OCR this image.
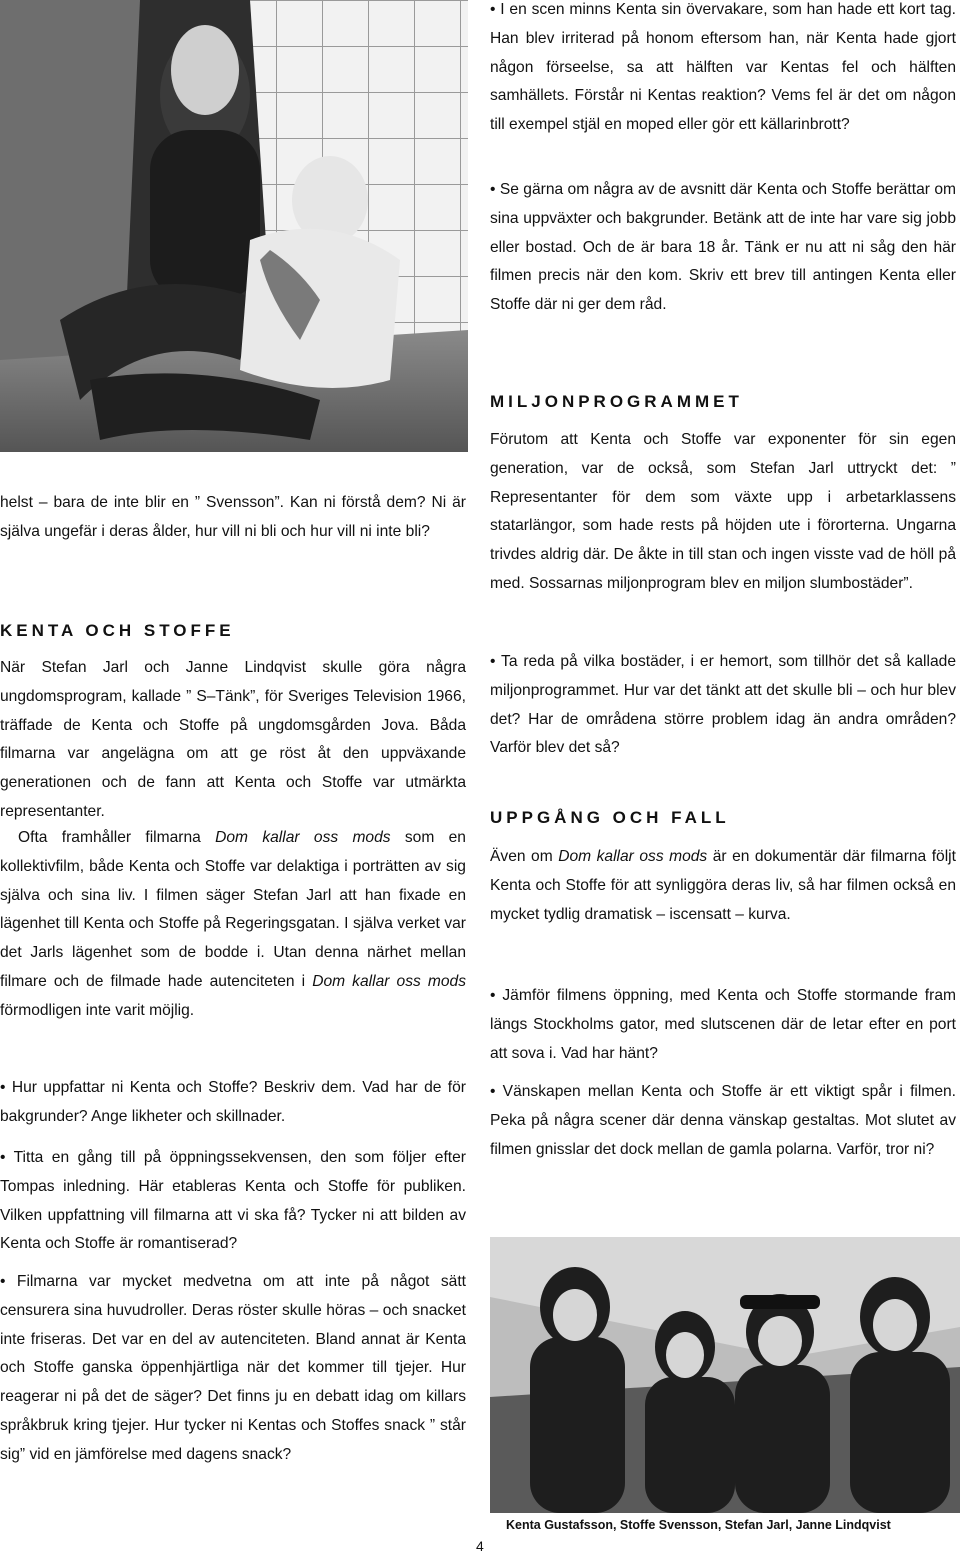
• I en scen minns Kenta sin övervakare, som han hade ett kort tag. Han blev irriterad på honom eftersom han, när Kenta hade gjort någon förseelse, sa att hälften var Kentas fel och hälften samhällets. Förstår ni Kentas reaktion? Vems fel är det om någon till exempel stjäl en moped eller gör ett källarinbrott?

• Se gärna om några av de avsnitt där Kenta och Stoffe berättar om sina uppväxter och bakgrunder. Betänk att de inte har vare sig jobb eller bostad. Och de är bara 18 år. Tänk er nu att ni såg den här filmen precis när den kom. Skriv ett brev till antingen Kenta eller Stoffe där ni ger dem råd.

MILJONPROGRAMMET

Förutom att Kenta och Stoffe var exponenter för sin egen generation, var de också, som Stefan Jarl uttryckt det: ” Representanter för dem som växte upp i arbetarklassens statarlängor, som hade rests på höjden ute i förorterna. Ungarna trivdes aldrig där. De åkte in till stan och ingen visste vad de höll på med. Sossarnas miljonprogram blev en miljon slumbostäder”.

• Ta reda på vilka bostäder, i er hemort, som tillhör det så kallade miljonprogrammet. Hur var det tänkt att det skulle bli – och hur blev det? Har de områdena större problem idag än andra områden? Varför blev det så?

UPPGÅNG OCH FALL

Även om Dom kallar oss mods är en dokumentär där filmarna följt Kenta och Stoffe för att synliggöra deras liv, så har filmen också en mycket tydlig dramatisk – iscensatt – kurva.

• Jämför filmens öppning, med Kenta och Stoffe stormande fram längs Stockholms gator, med slutscenen där de letar efter en port att sova i. Vad har hänt?

• Vänskapen mellan Kenta och Stoffe är ett viktigt spår i filmen. Peka på några scener där denna vänskap gestaltas. Mot slutet av filmen gnisslar det dock mellan de gamla polarna. Varför, tror ni?

Kenta Gustafsson, Stoffe Svensson, Stefan Jarl, Janne Lindqvist

helst – bara de inte blir en ” Svensson”. Kan ni förstå dem? Ni är själva ungefär i deras ålder, hur vill ni bli och hur vill ni inte bli?

KENTA OCH STOFFE

När Stefan Jarl och Janne Lindqvist skulle göra några ungdomsprogram, kallade ” S–Tänk”, för Sveriges Television 1966, träffade de Kenta och Stoffe på ungdomsgården Jova. Båda filmarna var angelägna om att ge röst åt den uppväxande generationen och de fann att Kenta och Stoffe var utmärkta representanter.

Ofta framhåller filmarna Dom kallar oss mods som en kollektivfilm, både Kenta och Stoffe var delaktiga i porträtten av sig själva och sina liv. I filmen säger Stefan Jarl att han fixade en lägenhet till Kenta och Stoffe på Regeringsgatan. I själva verket var det Jarls lägenhet som de bodde i. Utan denna närhet mellan filmare och de filmade hade autenciteten i Dom kallar oss mods förmodligen inte varit möjlig.

• Hur uppfattar ni Kenta och Stoffe? Beskriv dem. Vad har de för bakgrunder? Ange likheter och skillnader.

• Titta en gång till på öppningssekvensen, den som följer efter Tompas inledning. Här etableras Kenta och Stoffe för publiken. Vilken uppfattning vill filmarna att vi ska få? Tycker ni att bilden av Kenta och Stoffe är romantiserad?

• Filmarna var mycket medvetna om att inte på något sätt censurera sina huvudroller. Deras röster skulle höras – och snacket inte friseras. Det var en del av autenciteten. Bland annat är Kenta och Stoffe ganska öppenhjärtliga när det kommer till tjejer. Hur reagerar ni på det de säger? Det finns ju en debatt idag om killars språkbruk kring tjejer. Hur tycker ni Kentas och Stoffes snack ” står sig” vid en jämförelse med dagens snack?

4
